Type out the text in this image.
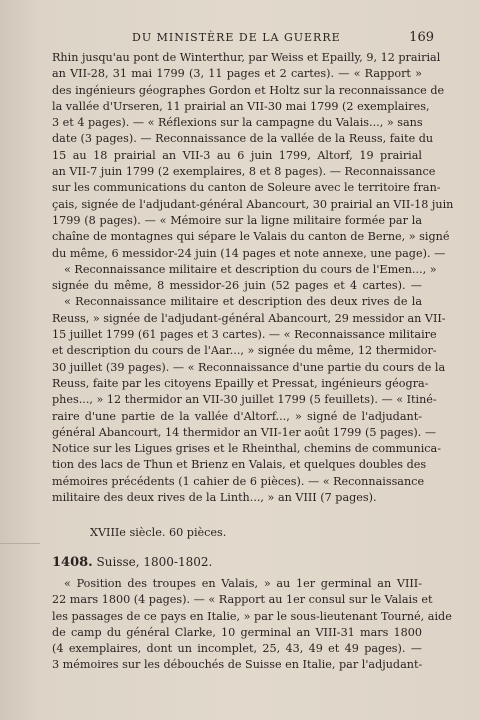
DU MINISTÈRE DE LA GUERRE	169
Rhin jusqu'au pont de Winterthur, par Weiss et Epailly, 9, 12 prairial
an VII-28, 31 mai 1799 (3, 11 pages et 2 cartes). — « Rapport »
des ingénieurs géographes Gordon et Holtz sur la reconnaissance de
la vallée d'Urseren, 11 prairial an VII-30 mai 1799 (2 exemplaires,
3 et 4 pages). — « Réflexions sur la campagne du Valais..., » sans
date (3 pages). — Reconnaissance de la vallée de la Reuss, faite du
15 au 18 prairial an VII-3 au 6 juin 1799, Altorf, 19 prairial
an VII-7 juin 1799 (2 exemplaires, 8 et 8 pages). — Reconnaissance
sur les communications du canton de Soleure avec le territoire fran-
çais, signée de l'adjudant-général Abancourt, 30 prairial an VII-18 juin
1799 (8 pages). — « Mémoire sur la ligne militaire formée par la
chaîne de montagnes qui sépare le Valais du canton de Berne, » signé
du même, 6 messidor-24 juin (14 pages et note annexe, une page). —
« Reconnaissance militaire et description du cours de l'Emen..., »
signée du même, 8 messidor-26 juin (52 pages et 4 cartes). —
« Reconnaissance militaire et description des deux rives de la
Reuss, » signée de l'adjudant-général Abancourt, 29 messidor an VII-
15 juillet 1799 (61 pages et 3 cartes). — « Reconnaissance militaire
et description du cours de l'Aar..., » signée du même, 12 thermidor-
30 juillet (39 pages). — « Reconnaissance d'une partie du cours de la
Reuss, faite par les citoyens Epailly et Pressat, ingénieurs géogra-
phes..., » 12 thermidor an VII-30 juillet 1799 (5 feuillets). — « Itiné-
raire d'une partie de la vallée d'Altorf..., » signé de l'adjudant-
général Abancourt, 14 thermidor an VII-1er août 1799 (5 pages). —
Notice sur les Ligues grises et le Rheinthal, chemins de communica-
tion des lacs de Thun et Brienz en Valais, et quelques doubles des
mémoires précédents (1 cahier de 6 pièces). — « Reconnaissance
militaire des deux rives de la Linth..., » an VIII (7 pages).
XVIIIe siècle. 60 pièces.
1408. Suisse, 1800-1802.
« Position des troupes en Valais, » au 1er germinal an VIII-
22 mars 1800 (4 pages). — « Rapport au 1er consul sur le Valais et
les passages de ce pays en Italie, » par le sous-lieutenant Tourné, aide
de camp du général Clarke, 10 germinal an VIII-31 mars 1800
(4 exemplaires, dont un incomplet, 25, 43, 49 et 49 pages). —
3 mémoires sur les débouchés de Suisse en Italie, par l'adjudant-
